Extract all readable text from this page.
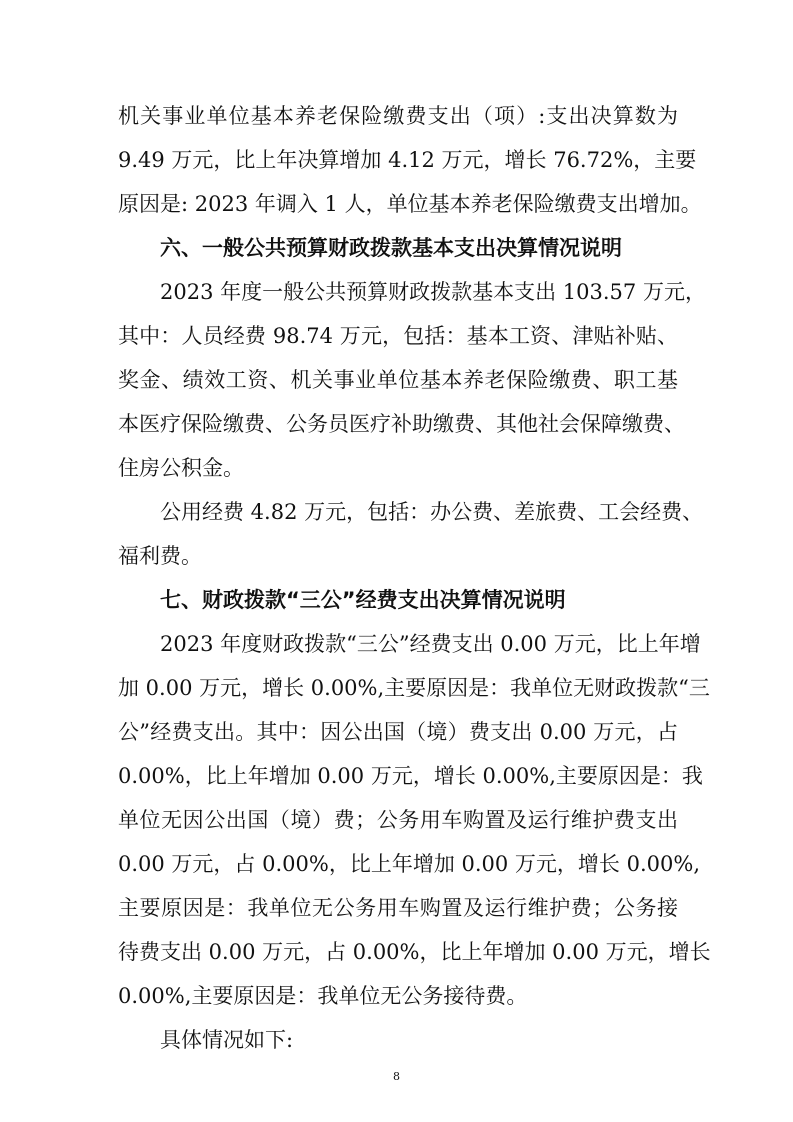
机关事业单位基本养老保险缴费支出（项）:支出决算数为
9.49 万元，比上年决算增加 4.12 万元，增长 76.72%，主要
原因是: 2023 年调入 1 人，单位基本养老保险缴费支出增加。
六、一般公共预算财政拨款基本支出决算情况说明
2023 年度一般公共预算财政拨款基本支出 103.57 万元，
其中：人员经费 98.74 万元，包括：基本工资、津贴补贴、
奖金、绩效工资、机关事业单位基本养老保险缴费、职工基
本医疗保险缴费、公务员医疗补助缴费、其他社会保障缴费、
住房公积金。
公用经费 4.82 万元，包括：办公费、差旅费、工会经费、
福利费。
七、财政拨款“三公”经费支出决算情况说明
2023 年度财政拨款“三公”经费支出 0.00 万元，比上年增
加 0.00 万元，增长 0.00%,主要原因是：我单位无财政拨款“三
公”经费支出。其中：因公出国（境）费支出 0.00 万元，占
0.00%，比上年增加 0.00 万元，增长 0.00%,主要原因是：我
单位无因公出国（境）费；公务用车购置及运行维护费支出
0.00 万元，占 0.00%，比上年增加 0.00 万元，增长 0.00%,
主要原因是：我单位无公务用车购置及运行维护费；公务接
待费支出 0.00 万元，占 0.00%，比上年增加 0.00 万元，增长
0.00%,主要原因是：我单位无公务接待费。
具体情况如下:
8
